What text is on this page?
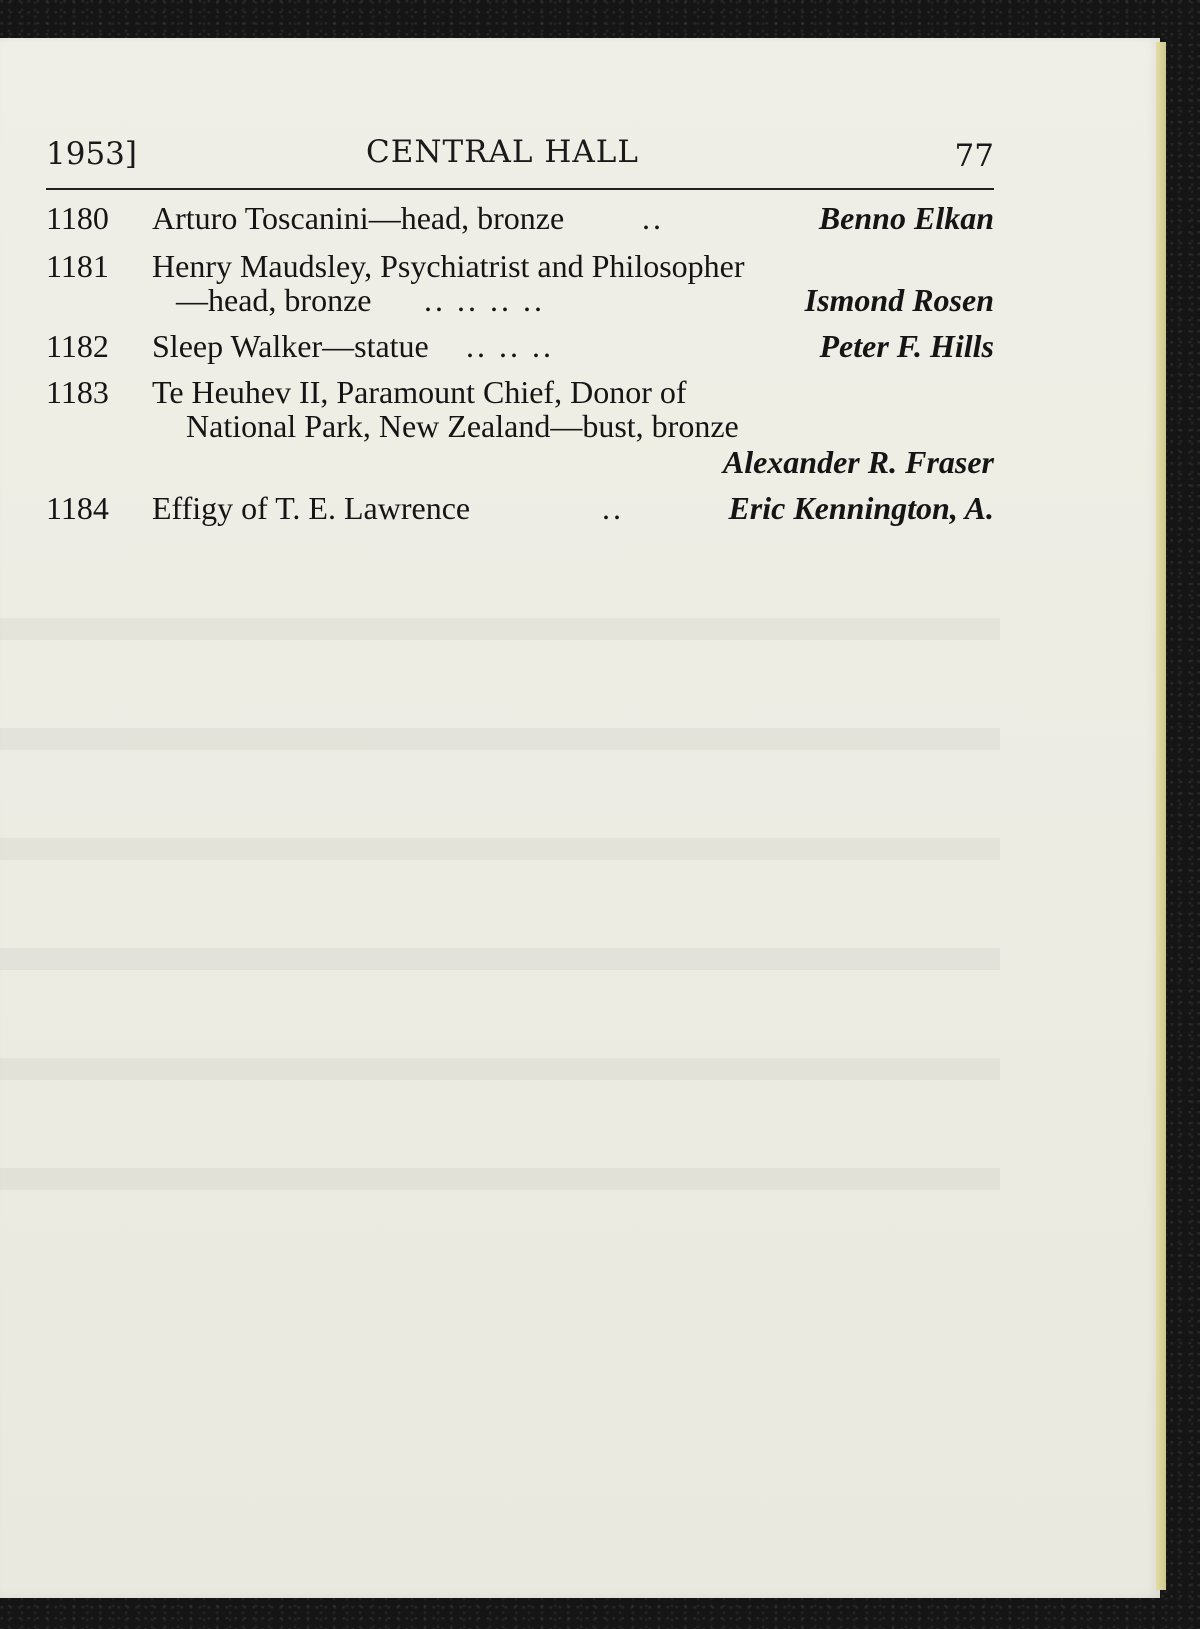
1953]	CENTRAL HALL	77
1180	Arturo Toscanini—head, bronze ..	Benno Elkan
1181	Henry Maudsley, Psychiatrist and Philosopher
—head, bronze .. .. .. ..	Ismond Rosen
1182	Sleep Walker—statue .. .. ..	Peter F. Hills
1183	Te Heuhev II, Paramount Chief, Donor of
National Park, New Zealand—bust, bronze
Alexander R. Fraser
1184	Effigy of T. E. Lawrence	..	Eric Kennington, A.
